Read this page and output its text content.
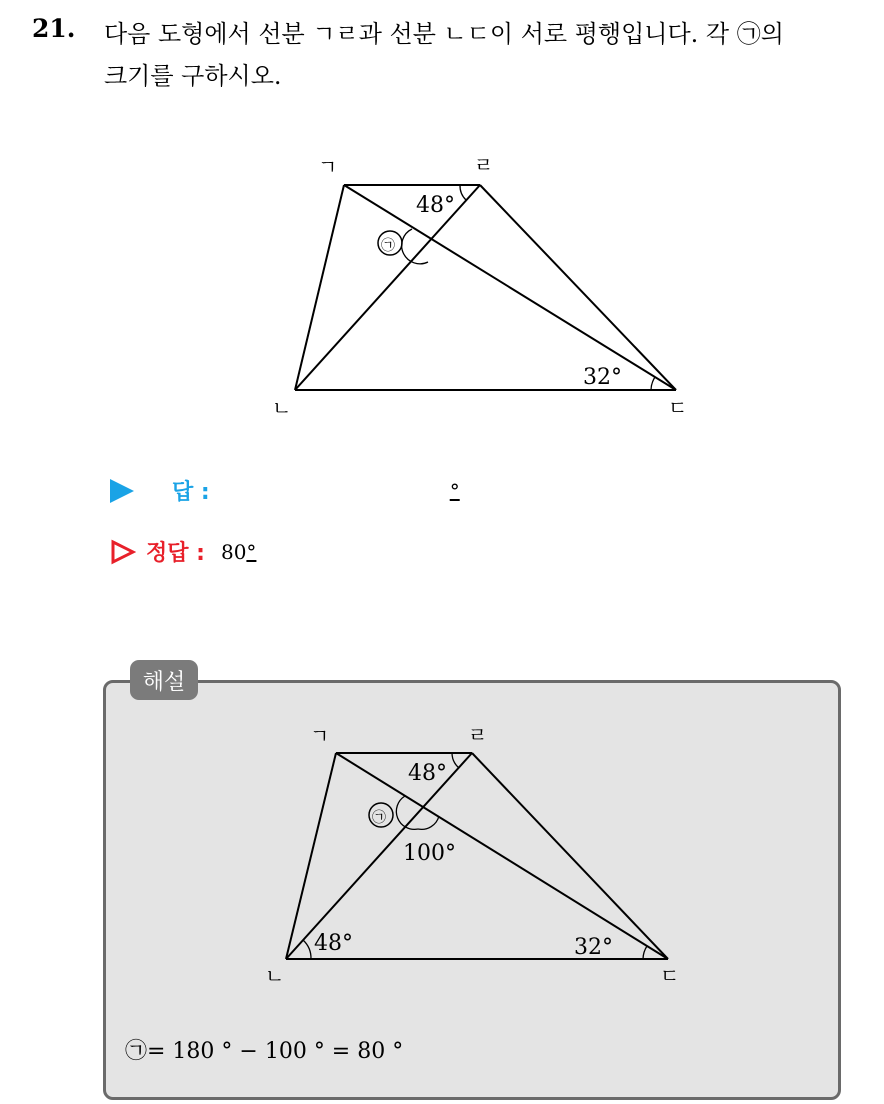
21. 다음 도형에서 선분 ㄱㄹ과 선분 ㄴㄷ이 서로 평행입니다. 각 ㉠의
크기를 구하시오.
ㄱ	ㄹ
ㄴ	ㄷ
48°
32°
㉠
답 :	°
정답 : 80 °
해설
ㄱ	ㄹ
ㄴ	ㄷ
48°
100°
48°	32°
㉠
㉠= 180 ° − 100 ° = 80 °
